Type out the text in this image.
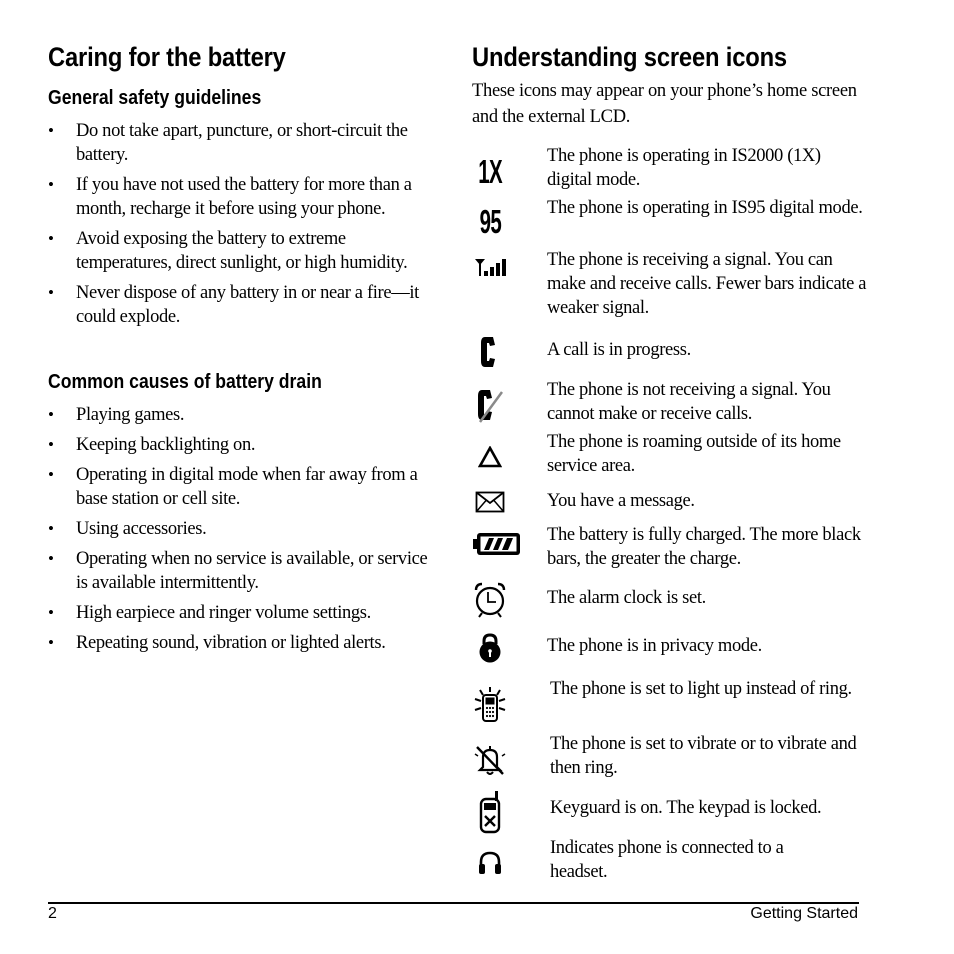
Caring for the battery
General safety guidelines
• Do not take apart, puncture, or short-circuit the battery.
• If you have not used the battery for more than a month, recharge it before using your phone.
• Avoid exposing the battery to extreme temperatures, direct sunlight, or high humidity.
• Never dispose of any battery in or near a fire—it could explode.
Common causes of battery drain
• Playing games.
• Keeping backlighting on.
• Operating in digital mode when far away from a base station or cell site.
• Using accessories.
• Operating when no service is available, or service is available intermittently.
• High earpiece and ringer volume settings.
• Repeating sound, vibration or lighted alerts.
Understanding screen icons
These icons may appear on your phone’s home screen and the external LCD.
1X The phone is operating in IS2000 (1X) digital mode.
95 The phone is operating in IS95 digital mode.
The phone is receiving a signal. You can make and receive calls. Fewer bars indicate a weaker signal.
A call is in progress.
The phone is not receiving a signal. You cannot make or receive calls.
The phone is roaming outside of its home service area.
You have a message.
The battery is fully charged. The more black bars, the greater the charge.
The alarm clock is set.
The phone is in privacy mode.
The phone is set to light up instead of ring.
The phone is set to vibrate or to vibrate and then ring.
Keyguard is on. The keypad is locked.
Indicates phone is connected to a headset.
2	Getting Started
